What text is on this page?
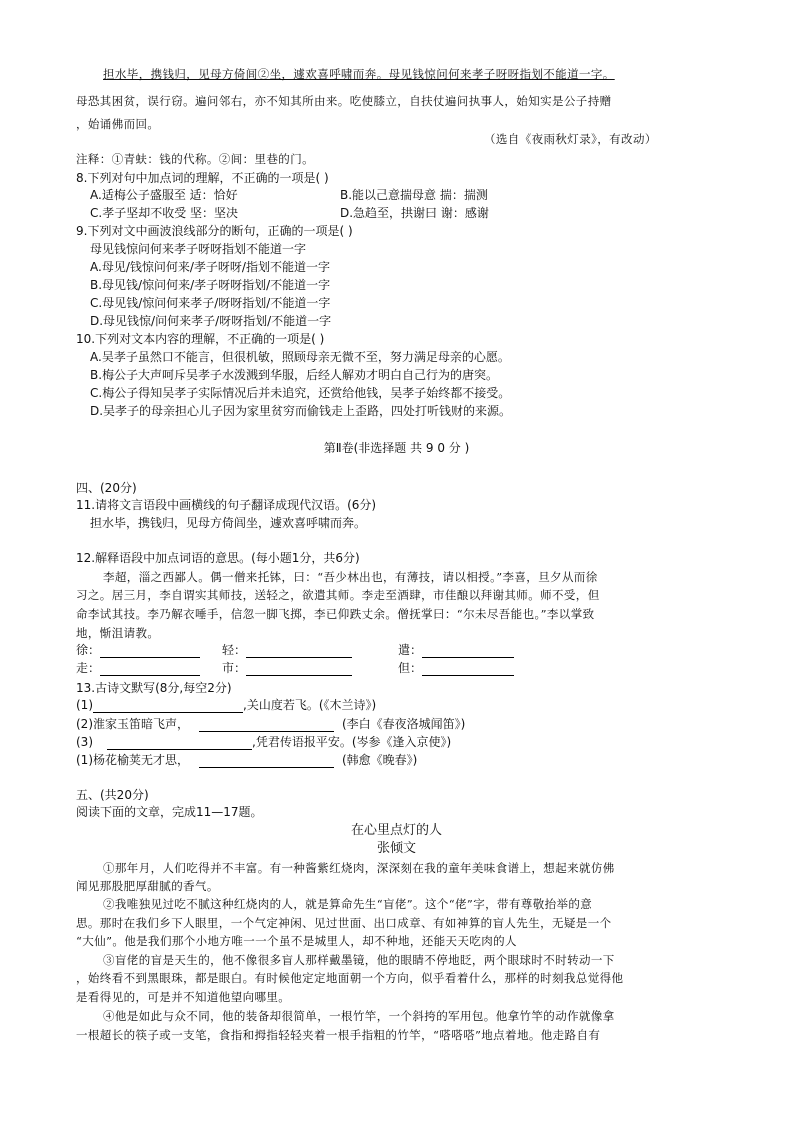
担水毕，携钱归，见母方倚闾②坐，遽欢喜呼啸而奔。母见钱惊问何来孝子呀呀指划不能道一字。
母恐其困贫，误行窃。遍问邻右，亦不知其所由来。吃使膝立，自扶仗遍问执事人，始知实是公子持赠
，始诵佛而回。
（选自《夜雨秋灯录》，有改动）
注释：①青蚨：钱的代称。②闾：里巷的门。
8.下列对句中加点词的理解，不正确的一项是( )
A.适梅公子盛服至 适：恰好	B.能以己意揣母意 揣：揣测
C.孝子坚却不收受 坚：坚决	D.急趋至，拱谢曰 谢：感谢
9.下列对文中画波浪线部分的断句，正确的一项是( )
母见钱惊问何来孝子呀呀指划不能道一字
A.母见/钱惊问何来/孝子呀呀/指划不能道一字
B.母见钱/惊问何来/孝子呀呀指划/不能道一字
C.母见钱/惊问何来孝子/呀呀指划/不能道一字
D.母见钱惊/问何来孝子/呀呀指划/不能道一字
10.下列对文本内容的理解，不正确的一项是( )
A.吴孝子虽然口不能言，但很机敏，照顾母亲无微不至，努力满足母亲的心愿。
B.梅公子大声呵斥吴孝子水泼溅到华服，后经人解劝才明白自己行为的唐突。
C.梅公子得知吴孝子实际情况后并未追究，还赏给他钱，吴孝子始终都不接受。
D.吴孝子的母亲担心儿子因为家里贫穷而偷钱走上歪路，四处打听钱财的来源。
第Ⅱ卷(非选择题 共 9 0 分 )
四、(20分)
11.请将文言语段中画横线的句子翻译成现代汉语。(6分)
担水毕，携钱归，见母方倚闾坐，遽欢喜呼啸而奔。
12.解释语段中加点词语的意思。(每小题1分，共6分)
李超，淄之西鄙人。偶一僧来托钵，曰：“吾少林出也，有薄技，请以相授。”李喜，旦夕从而徐
习之。居三月，李自谓实其师技，送轻之，欲遣其师。李走至酒肆，市佳酿以拜谢其师。师不受，但
命李试其技。李乃解衣唾手，信忽一脚飞掷，李已仰跌丈余。僧抚掌曰：“尔未尽吾能也。”李以掌致
地，惭沮请教。
徐：	轻：	遣：
走：	市：	但：
13.古诗文默写(8分,每空2分)
(1)	,关山度若飞。(《木兰诗》)
(2)淮家玉笛暗飞声，	(李白《春夜洛城闻笛》)
(3)	,凭君传语报平安。(岑参《逢入京使》)
(1)杨花榆荚无才思，	(韩愈《晚春》)
五、(共20分)
阅读下面的文章，完成11—17题。
在心里点灯的人
张倾文
①那年月，人们吃得并不丰富。有一种酱紫红烧肉，深深刻在我的童年美味食谱上，想起来就仿佛
闻见那股肥厚甜腻的香气。
②我唯独见过吃不腻这种红烧肉的人，就是算命先生“盲佬”。这个“佬”字，带有尊敬抬举的意
思。那时在我们乡下人眼里，一个气定神闲、见过世面、出口成章、有如神算的盲人先生，无疑是一个
“大仙”。他是我们那个小地方唯一一个虽不是城里人，却不种地，还能天天吃肉的人
③盲佬的盲是天生的，他不像很多盲人那样戴墨镜，他的眼睛不停地眨，两个眼球时不时转动一下
，始终看不到黑眼珠，都是眼白。有时候他定定地面朝一个方向，似乎看着什么，那样的时刻我总觉得他
是看得见的，可是并不知道他望向哪里。
④他是如此与众不同，他的装备却很简单，一根竹竿，一个斜挎的军用包。他拿竹竿的动作就像拿
一根超长的筷子或一支笔，食指和拇指轻轻夹着一根手指粗的竹竿，“嗒嗒嗒”地点着地。他走路自有
